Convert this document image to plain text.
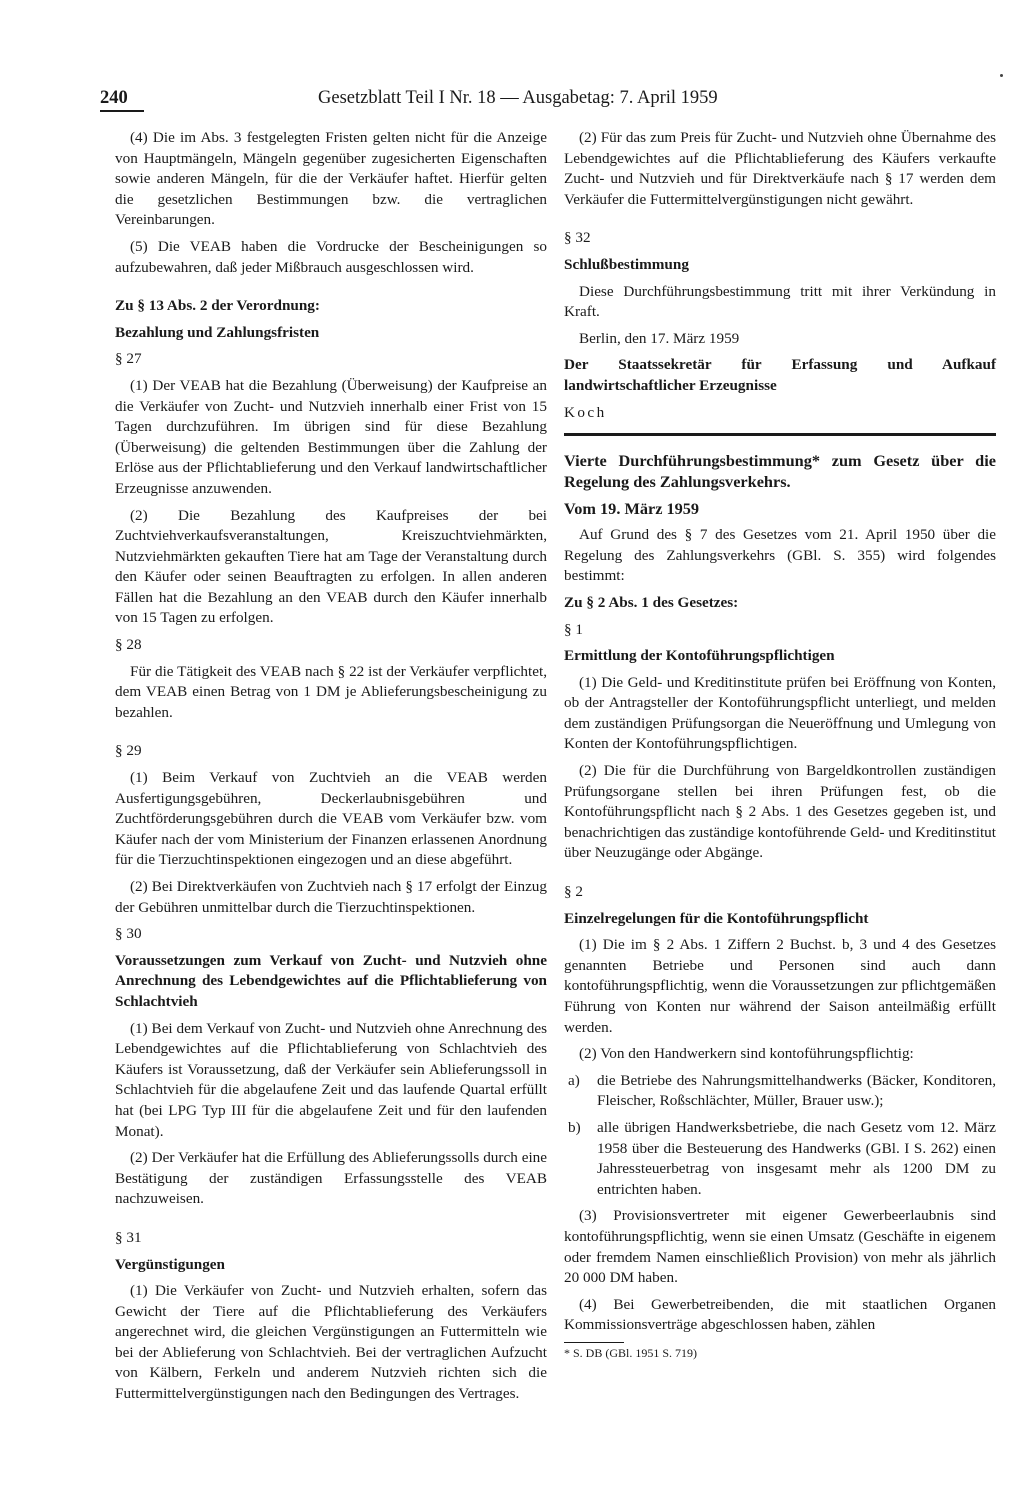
240	Gesetzblatt Teil I Nr. 18 — Ausgabetag: 7. April 1959

(4) Die im Abs. 3 festgelegten Fristen gelten nicht für die Anzeige von Hauptmängeln, Mängeln gegenüber zugesicherten Eigenschaften sowie anderen Mängeln, für die der Verkäufer haftet. Hierfür gelten die gesetzlichen Bestimmungen bzw. die vertraglichen Vereinbarungen.

(5) Die VEAB haben die Vordrucke der Bescheinigungen so aufzubewahren, daß jeder Mißbrauch ausgeschlossen wird.

Zu § 13 Abs. 2 der Verordnung:

Bezahlung und Zahlungsfristen

§ 27

(1) Der VEAB hat die Bezahlung (Überweisung) der Kaufpreise an die Verkäufer von Zucht- und Nutzvieh innerhalb einer Frist von 15 Tagen durchzuführen. Im übrigen sind für diese Bezahlung (Überweisung) die geltenden Bestimmungen über die Zahlung der Erlöse aus der Pflichtablieferung und den Verkauf landwirtschaftlicher Erzeugnisse anzuwenden.

(2) Die Bezahlung des Kaufpreises der bei Zuchtviehverkaufsveranstaltungen, Kreiszuchtviehmärkten, Nutzviehmärkten gekauften Tiere hat am Tage der Veranstaltung durch den Käufer oder seinen Beauftragten zu erfolgen. In allen anderen Fällen hat die Bezahlung an den VEAB durch den Käufer innerhalb von 15 Tagen zu erfolgen.

§ 28

Für die Tätigkeit des VEAB nach § 22 ist der Verkäufer verpflichtet, dem VEAB einen Betrag von 1 DM je Ablieferungsbescheinigung zu bezahlen.

§ 29

(1) Beim Verkauf von Zuchtvieh an die VEAB werden Ausfertigungsgebühren, Deckerlaubnisgebühren und Zuchtförderungsgebühren durch die VEAB vom Verkäufer bzw. vom Käufer nach der vom Ministerium der Finanzen erlassenen Anordnung für die Tierzuchtinspektionen eingezogen und an diese abgeführt.

(2) Bei Direktverkäufen von Zuchtvieh nach § 17 erfolgt der Einzug der Gebühren unmittelbar durch die Tierzuchtinspektionen.

§ 30

Voraussetzungen zum Verkauf von Zucht- und Nutzvieh ohne Anrechnung des Lebendgewichtes auf die Pflichtablieferung von Schlachtvieh

(1) Bei dem Verkauf von Zucht- und Nutzvieh ohne Anrechnung des Lebendgewichtes auf die Pflichtablieferung von Schlachtvieh des Käufers ist Voraussetzung, daß der Verkäufer sein Ablieferungssoll in Schlachtvieh für die abgelaufene Zeit und das laufende Quartal erfüllt hat (bei LPG Typ III für die abgelaufene Zeit und für den laufenden Monat).

(2) Der Verkäufer hat die Erfüllung des Ablieferungssolls durch eine Bestätigung der zuständigen Erfassungsstelle des VEAB nachzuweisen.

§ 31

Vergünstigungen

(1) Die Verkäufer von Zucht- und Nutzvieh erhalten, sofern das Gewicht der Tiere auf die Pflichtablieferung des Verkäufers angerechnet wird, die gleichen Vergünstigungen an Futtermitteln wie bei der Ablieferung von Schlachtvieh. Bei der vertraglichen Aufzucht von Kälbern, Ferkeln und anderem Nutzvieh richten sich die Futtermittelvergünstigungen nach den Bedingungen des Vertrages.

(2) Für das zum Preis für Zucht- und Nutzvieh ohne Übernahme des Lebendgewichtes auf die Pflichtablieferung des Käufers verkaufte Zucht- und Nutzvieh und für Direktverkäufe nach § 17 werden dem Verkäufer die Futtermittelvergünstigungen nicht gewährt.

§ 32

Schlußbestimmung

Diese Durchführungsbestimmung tritt mit ihrer Verkündung in Kraft.

Berlin, den 17. März 1959

Der Staatssekretär für Erfassung und Aufkauf landwirtschaftlicher Erzeugnisse

Koch

Vierte Durchführungsbestimmung* zum Gesetz über die Regelung des Zahlungsverkehrs.

Vom 19. März 1959

Auf Grund des § 7 des Gesetzes vom 21. April 1950 über die Regelung des Zahlungsverkehrs (GBl. S. 355) wird folgendes bestimmt:

Zu § 2 Abs. 1 des Gesetzes:

§ 1

Ermittlung der Kontoführungspflichtigen

(1) Die Geld- und Kreditinstitute prüfen bei Eröffnung von Konten, ob der Antragsteller der Kontoführungspflicht unterliegt, und melden dem zuständigen Prüfungsorgan die Neueröffnung und Umlegung von Konten der Kontoführungspflichtigen.

(2) Die für die Durchführung von Bargeldkontrollen zuständigen Prüfungsorgane stellen bei ihren Prüfungen fest, ob die Kontoführungspflicht nach § 2 Abs. 1 des Gesetzes gegeben ist, und benachrichtigen das zuständige kontoführende Geld- und Kreditinstitut über Neuzugänge oder Abgänge.

§ 2

Einzelregelungen für die Kontoführungspflicht

(1) Die im § 2 Abs. 1 Ziffern 2 Buchst. b, 3 und 4 des Gesetzes genannten Betriebe und Personen sind auch dann kontoführungspflichtig, wenn die Voraussetzungen zur pflichtgemäßen Führung von Konten nur während der Saison anteilmäßig erfüllt werden.

(2) Von den Handwerkern sind kontoführungspflichtig:

a) die Betriebe des Nahrungsmittelhandwerks (Bäcker, Konditoren, Fleischer, Roßschlächter, Müller, Brauer usw.);
b) alle übrigen Handwerksbetriebe, die nach Gesetz vom 12. März 1958 über die Besteuerung des Handwerks (GBl. I S. 262) einen Jahressteuerbetrag von insgesamt mehr als 1200 DM zu entrichten haben.

(3) Provisionsvertreter mit eigener Gewerbeerlaubnis sind kontoführungspflichtig, wenn sie einen Umsatz (Geschäfte in eigenem oder fremdem Namen einschließlich Provision) von mehr als jährlich 20 000 DM haben.

(4) Bei Gewerbetreibenden, die mit staatlichen Organen Kommissionsverträge abgeschlossen haben, zählen

* S. DB (GBl. 1951 S. 719)
